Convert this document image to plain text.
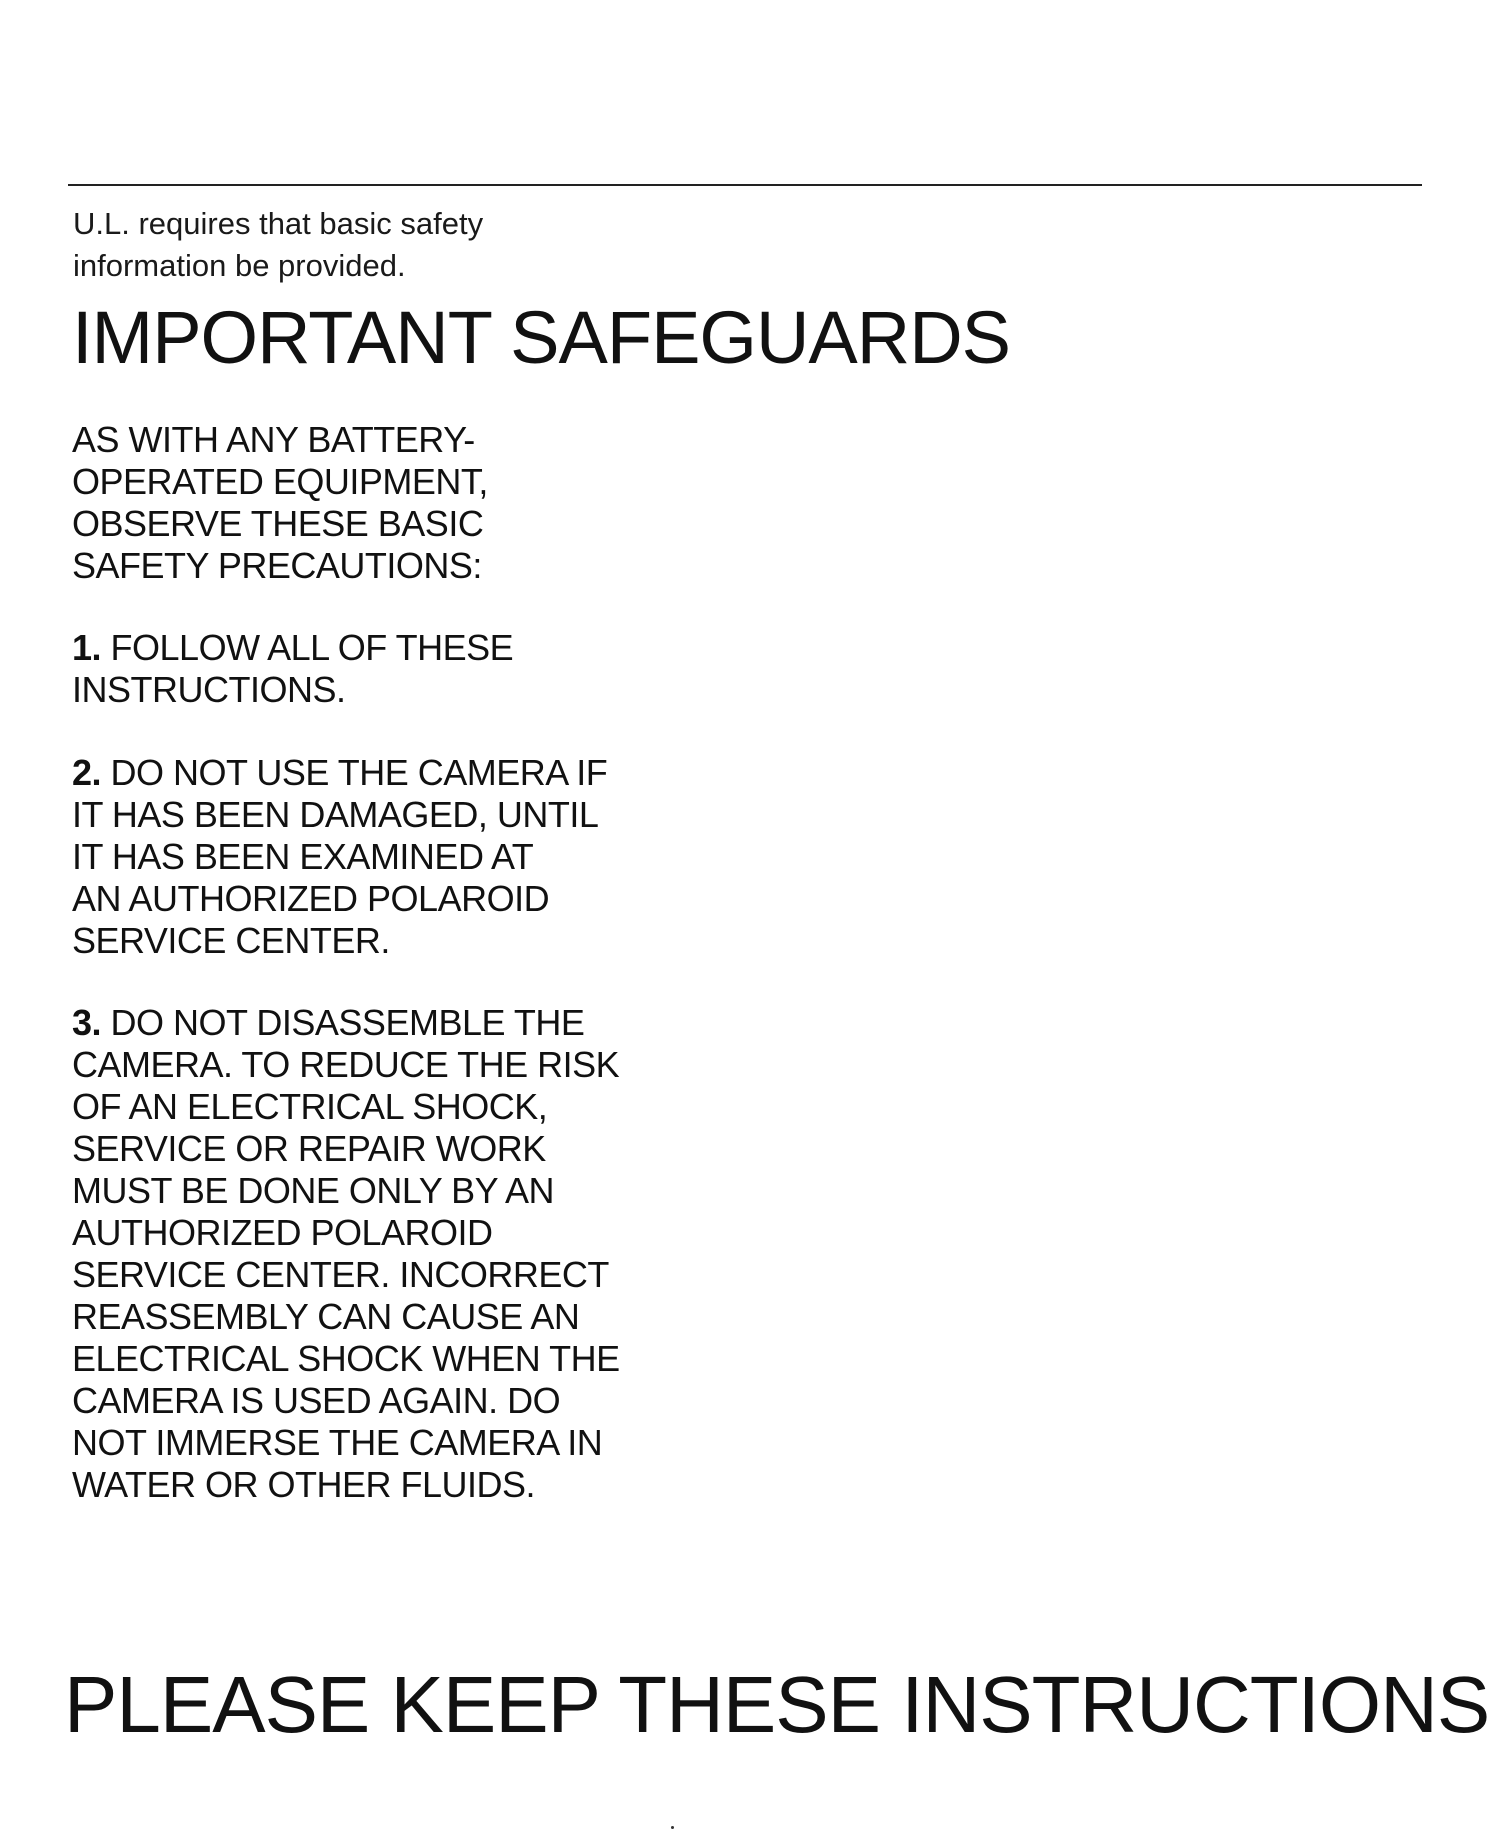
U.L. requires that basic safety
information be provided.
IMPORTANT SAFEGUARDS
AS WITH ANY BATTERY-
OPERATED EQUIPMENT,
OBSERVE THESE BASIC
SAFETY PRECAUTIONS:
1. FOLLOW ALL OF THESE
INSTRUCTIONS.
2. DO NOT USE THE CAMERA IF
IT HAS BEEN DAMAGED, UNTIL
IT HAS BEEN EXAMINED AT
AN AUTHORIZED POLAROID
SERVICE CENTER.
3. DO NOT DISASSEMBLE THE
CAMERA. TO REDUCE THE RISK
OF AN ELECTRICAL SHOCK,
SERVICE OR REPAIR WORK
MUST BE DONE ONLY BY AN
AUTHORIZED POLAROID
SERVICE CENTER. INCORRECT
REASSEMBLY CAN CAUSE AN
ELECTRICAL SHOCK WHEN THE
CAMERA IS USED AGAIN. DO
NOT IMMERSE THE CAMERA IN
WATER OR OTHER FLUIDS.
PLEASE KEEP THESE INSTRUCTIONS
